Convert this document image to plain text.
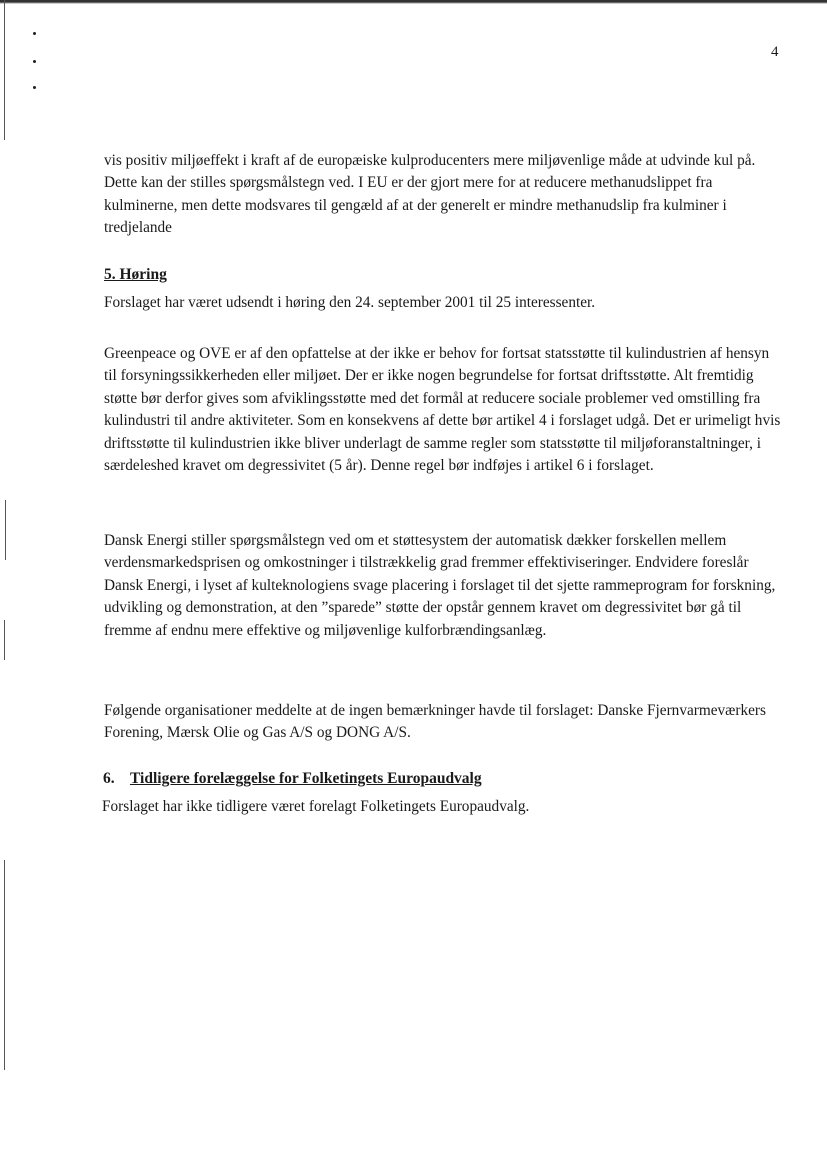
4

vis positiv miljøeffekt i kraft af de europæiske kulproducenters mere miljøvenlige måde at udvinde kul på. Dette kan der stilles spørgsmålstegn ved. I EU er der gjort mere for at reducere methanudslippet fra kulminerne, men dette modsvares til gengæld af at der generelt er mindre methanudslip fra kulminer i tredjelande

5. Høring

Forslaget har været udsendt i høring den 24. september 2001 til 25 interessenter.

Greenpeace og OVE er af den opfattelse at der ikke er behov for fortsat statsstøtte til kulindustrien af hensyn til forsyningssikkerheden eller miljøet. Der er ikke nogen begrundelse for fortsat driftsstøtte. Alt fremtidig støtte bør derfor gives som afviklingsstøtte med det formål at reducere sociale problemer ved omstilling fra kulindustri til andre aktiviteter. Som en konsekvens af dette bør artikel 4 i forslaget udgå. Det er urimeligt hvis driftsstøtte til kulindustrien ikke bliver underlagt de samme regler som statsstøtte til miljøforanstaltninger, i særdeleshed kravet om degressivitet (5 år). Denne regel bør indføjes i artikel 6 i forslaget.

Dansk Energi stiller spørgsmålstegn ved om et støttesystem der automatisk dækker forskellen mellem verdensmarkedsprisen og omkostninger i tilstrækkelig grad fremmer effektiviseringer. Endvidere foreslår Dansk Energi, i lyset af kulteknologiens svage placering i forslaget til det sjette rammeprogram for forskning, udvikling og demonstration, at den ”sparede” støtte der opstår gennem kravet om degressivitet bør gå til fremme af endnu mere effektive og miljøvenlige kulforbrændingsanlæg.

Følgende organisationer meddelte at de ingen bemærkninger havde til forslaget: Danske Fjernvarmeværkers Forening, Mærsk Olie og Gas A/S og DONG A/S.

6. Tidligere forelæggelse for Folketingets Europaudvalg

Forslaget har ikke tidligere været forelagt Folketingets Europaudvalg.
